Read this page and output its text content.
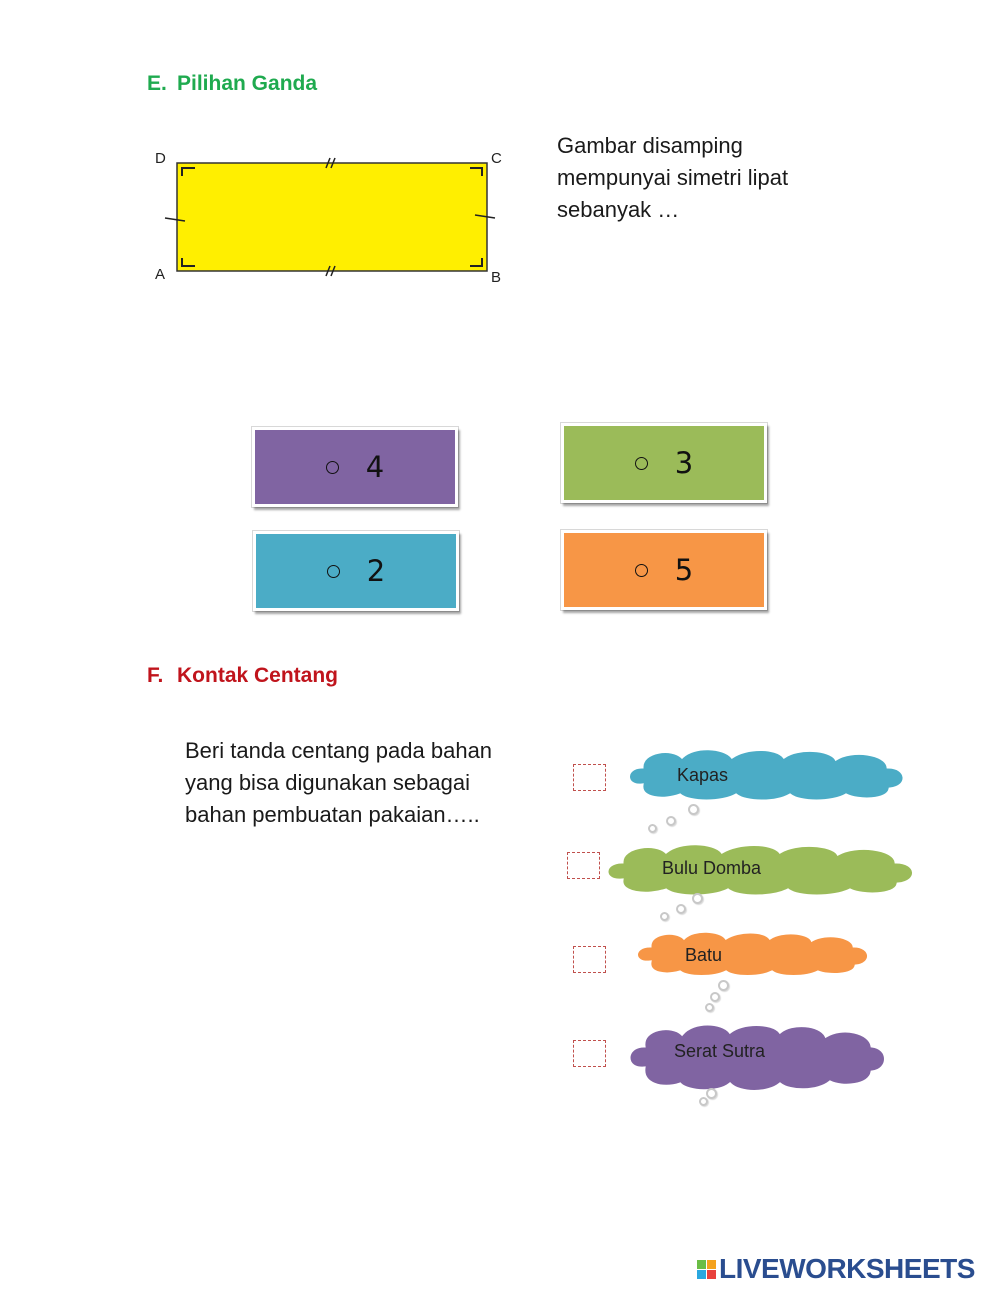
E. Pilihan Ganda
D	C
A	B
Gambar disamping mempunyai simetri lipat sebanyak …
4	3
2	5
F. Kontak Centang
Beri tanda centang pada bahan yang bisa digunakan sebagai bahan pembuatan pakaian…..
Kapas
Bulu Domba
Batu
Serat Sutra
LIVEWORKSHEETS
